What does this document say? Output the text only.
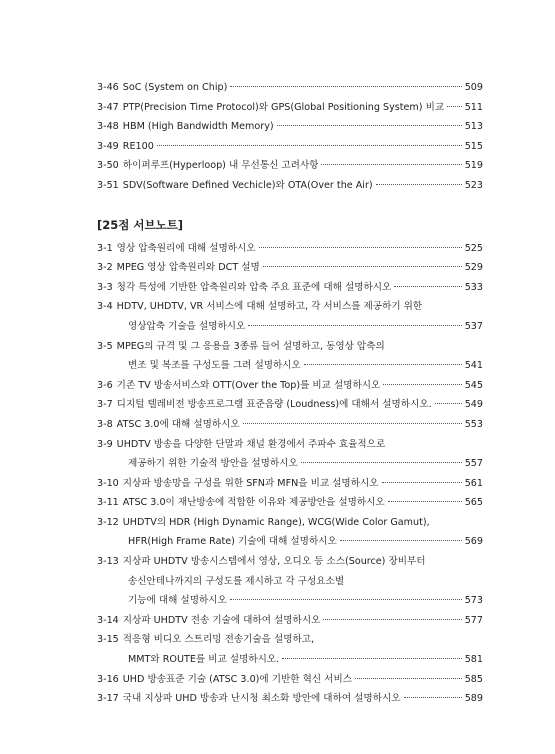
3-46 SoC (System on Chip)	509
3-47 PTP(Precision Time Protocol)와 GPS(Global Positioning System) 비교 511
3-48 HBM (High Bandwidth Memory)	513
3-49 RE100	515
3-50 하이퍼루프(Hyperloop) 내 무선통신 고려사항	519
3-51 SDV(Software Defined Vechicle)와 OTA(Over the Air)	523
[25점 서브노트]
3-1 영상 압축원리에 대해 설명하시오	525
3-2 MPEG 영상 압축원리와 DCT 설명	529
3-3 청각 특성에 기반한 압축원리와 압축 주요 표준에 대해 설명하시오	533
3-4 HDTV, UHDTV, VR 서비스에 대해 설명하고, 각 서비스를 제공하기 위한
영상압축 기술을 설명하시오	537
3-5 MPEG의 규격 및 그 응용을 3종류 들어 설명하고, 동영상 압축의
변조 및 복조를 구성도를 그려 설명하시오	541
3-6 기존 TV 방송서비스와 OTT(Over the Top)를 비교 설명하시오	545
3-7 디지털 텔레비전 방송프로그램 표준음량 (Loudness)에 대해서 설명하시오.	549
3-8 ATSC 3.0에 대해 설명하시오	553
3-9 UHDTV 방송을 다양한 단말과 채널 환경에서 주파수 효율적으로
제공하기 위한 기술적 방안을 설명하시오	557
3-10 지상파 방송망을 구성을 위한 SFN과 MFN을 비교 설명하시오	561
3-11 ATSC 3.0이 재난방송에 적합한 이유와 제공방안을 설명하시오	565
3-12 UHDTV의 HDR (High Dynamic Range), WCG(Wide Color Gamut),
HFR(High Frame Rate) 기술에 대해 설명하시오	569
3-13 지상파 UHDTV 방송시스템에서 영상, 오디오 등 소스(Source) 장비부터
송신안테나까지의 구성도를 제시하고 각 구성요소별
기능에 대해 설명하시오	573
3-14 지상파 UHDTV 전송 기술에 대하여 설명하시오	577
3-15 적응형 비디오 스트리밍 전송기술을 설명하고,
MMT와 ROUTE를 비교 설명하시오.	581
3-16 UHD 방송표준 기술 (ATSC 3.0)에 기반한 혁신 서비스	585
3-17 국내 지상파 UHD 방송과 난시청 최소화 방안에 대하여 설명하시오	589
